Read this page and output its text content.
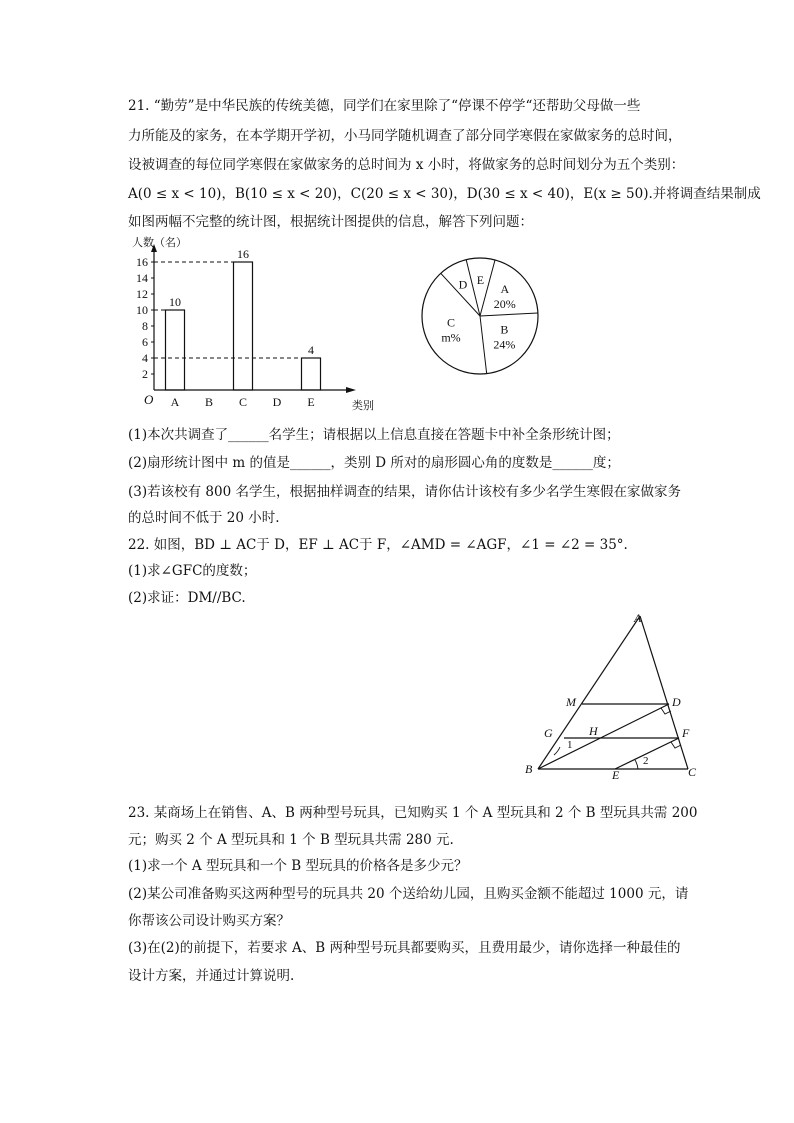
21. “勤劳”是中华民族的传统美德，同学们在家里除了“停课不停学“还帮助父母做一些
力所能及的家务，在本学期开学初，小马同学随机调查了部分同学寒假在家做家务的总时间，
设被调查的每位同学寒假在家做家务的总时间为 x 小时，将做家务的总时间划分为五个类别：
A(0 ≤ x < 10)，B(10 ≤ x < 20)，C(20 ≤ x < 30)，D(30 ≤ x < 40)，E(x ≥ 50).并将调查结果制成
如图两幅不完整的统计图，根据统计图提供的信息，解答下列问题：
人数（名）
类别
O
2
4
6
8
10
12
14
16
10
A B
16
C D
4
E
A
20%
B
24%
C
m%
D E
(1)本次共调查了______名学生；请根据以上信息直接在答题卡中补全条形统计图；
(2)扇形统计图中 m 的值是______，类别 D 所对的扇形圆心角的度数是______度；
(3)若该校有 800 名学生，根据抽样调查的结果，请你估计该校有多少名学生寒假在家做家务
的总时间不低于 20 小时.
22. 如图，BD ⊥ AC于 D，EF ⊥ AC于 F，∠AMD = ∠AGF，∠1 = ∠2 = 35°.
(1)求∠GFC的度数；
(2)求证：DM//BC.
A
M	D
G	H	F
B	E	C
1
2
23. 某商场上在销售、A、B 两种型号玩具，已知购买 1 个 A 型玩具和 2 个 B 型玩具共需 200
元；购买 2 个 A 型玩具和 1 个 B 型玩具共需 280 元.
(1)求一个 A 型玩具和一个 B 型玩具的价格各是多少元？
(2)某公司准备购买这两种型号的玩具共 20 个送给幼儿园，且购买金额不能超过 1000 元，请
你帮该公司设计购买方案？
(3)在(2)的前提下，若要求 A、B 两种型号玩具都要购买，且费用最少，请你选择一种最佳的
设计方案，并通过计算说明.
